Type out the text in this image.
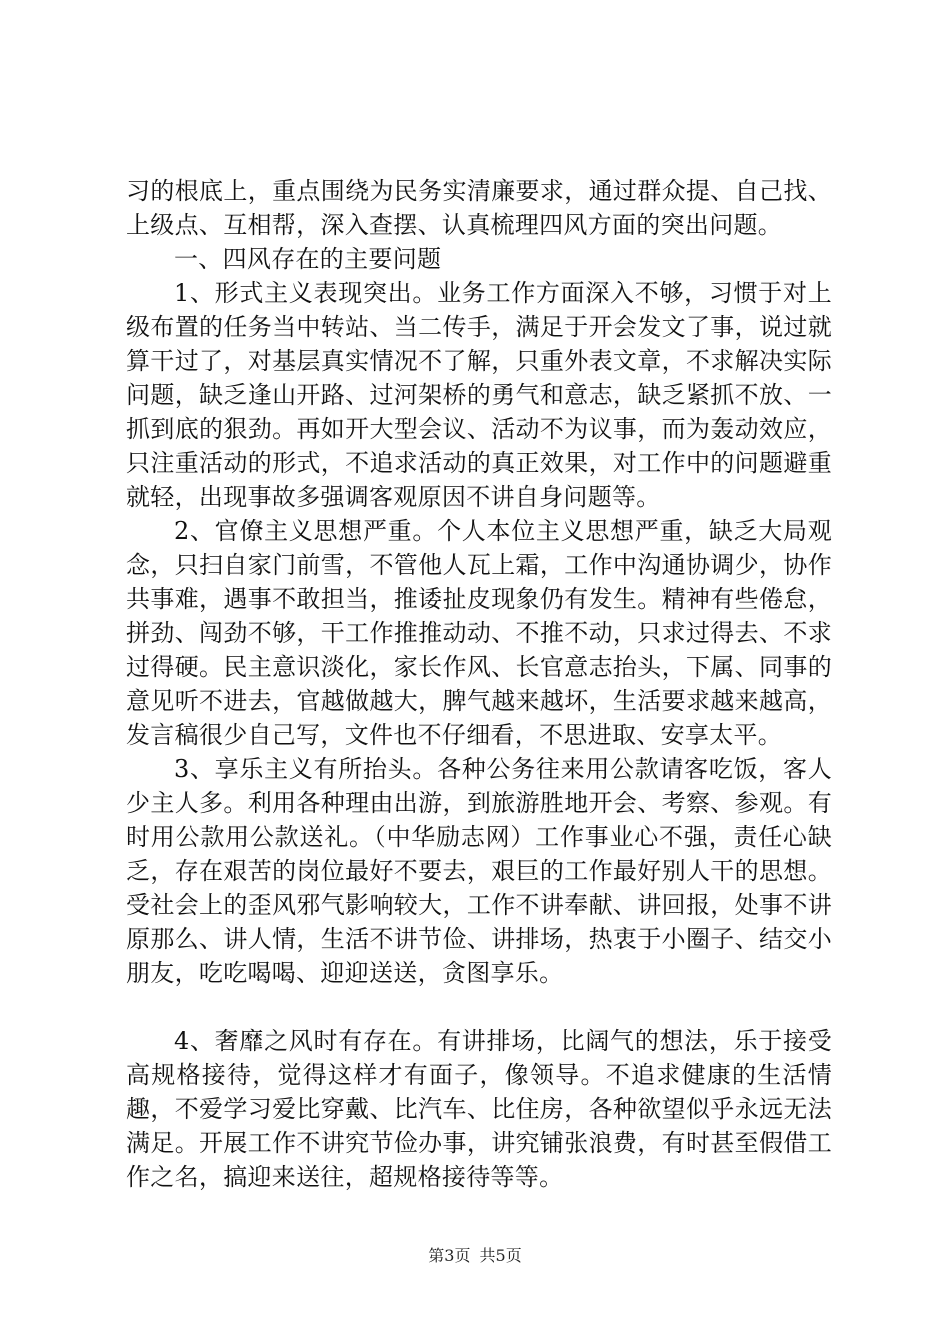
习的根底上，重点围绕为民务实清廉要求，通过群众提、自己找、上级点、互相帮，深入查摆、认真梳理四风方面的突出问题。

一、四风存在的主要问题

1、形式主义表现突出。业务工作方面深入不够，习惯于对上级布置的任务当中转站、当二传手，满足于开会发文了事，说过就算干过了，对基层真实情况不了解，只重外表文章，不求解决实际问题，缺乏逢山开路、过河架桥的勇气和意志，缺乏紧抓不放、一抓到底的狠劲。再如开大型会议、活动不为议事，而为轰动效应，只注重活动的形式，不追求活动的真正效果，对工作中的问题避重就轻，出现事故多强调客观原因不讲自身问题等。

2、官僚主义思想严重。个人本位主义思想严重，缺乏大局观念，只扫自家门前雪，不管他人瓦上霜，工作中沟通协调少，协作共事难，遇事不敢担当，推诿扯皮现象仍有发生。精神有些倦怠，拼劲、闯劲不够，干工作推推动动、不推不动，只求过得去、不求过得硬。民主意识淡化，家长作风、长官意志抬头，下属、同事的意见听不进去，官越做越大，脾气越来越坏，生活要求越来越高，发言稿很少自己写，文件也不仔细看，不思进取、安享太平。

3、享乐主义有所抬头。各种公务往来用公款请客吃饭，客人少主人多。利用各种理由出游，到旅游胜地开会、考察、参观。有时用公款用公款送礼。（中华励志网）工作事业心不强，责任心缺乏，存在艰苦的岗位最好不要去，艰巨的工作最好别人干的思想。受社会上的歪风邪气影响较大，工作不讲奉献、讲回报，处事不讲原那么、讲人情，生活不讲节俭、讲排场，热衷于小圈子、结交小朋友，吃吃喝喝、迎迎送送，贪图享乐。

4、奢靡之风时有存在。有讲排场，比阔气的想法，乐于接受高规格接待，觉得这样才有面子，像领导。不追求健康的生活情趣，不爱学习爱比穿戴、比汽车、比住房，各种欲望似乎永远无法满足。开展工作不讲究节俭办事，讲究铺张浪费，有时甚至假借工作之名，搞迎来送往，超规格接待等等。

第3页 共5页
